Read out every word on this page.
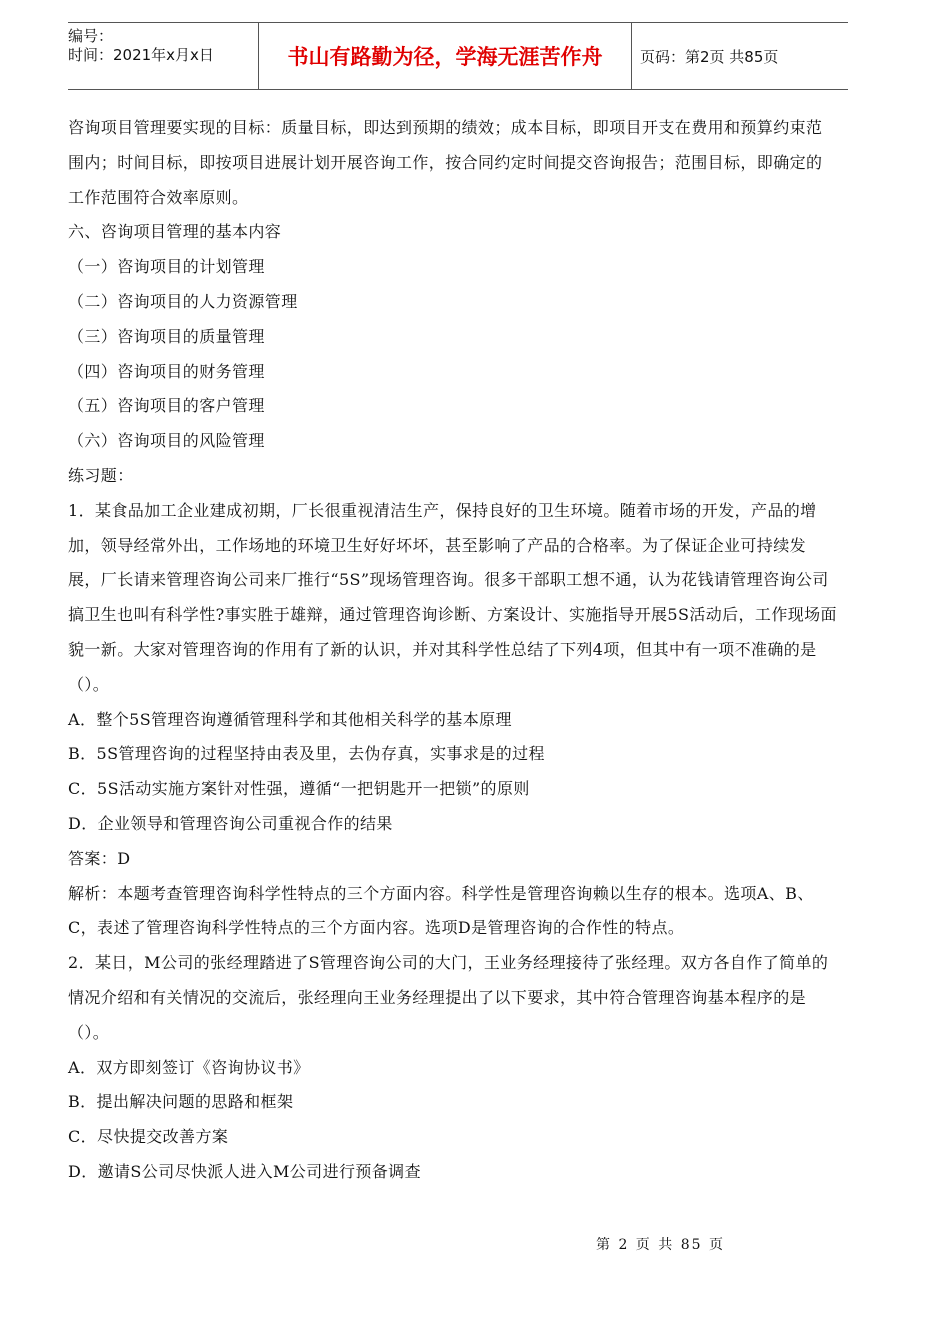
编号：
时间：2021年x月x日	书山有路勤为径，学海无涯苦作舟	页码：第2页 共85页

咨询项目管理要实现的目标：质量目标，即达到预期的绩效；成本目标，即项目开支在费用和预算约束范围内；时间目标，即按项目进展计划开展咨询工作，按合同约定时间提交咨询报告；范围目标，即确定的工作范围符合效率原则。

六、咨询项目管理的基本内容

（一）咨询项目的计划管理

（二）咨询项目的人力资源管理

（三）咨询项目的质量管理

（四）咨询项目的财务管理

（五）咨询项目的客户管理

（六）咨询项目的风险管理

练习题：

1．某食品加工企业建成初期，厂长很重视清洁生产，保持良好的卫生环境。随着市场的开发，产品的增加，领导经常外出，工作场地的环境卫生好好坏坏，甚至影响了产品的合格率。为了保证企业可持续发展，厂长请来管理咨询公司来厂推行“5S”现场管理咨询。很多干部职工想不通，认为花钱请管理咨询公司搞卫生也叫有科学性?事实胜于雄辩，通过管理咨询诊断、方案设计、实施指导开展5S活动后，工作现场面貌一新。大家对管理咨询的作用有了新的认识，并对其科学性总结了下列4项，但其中有一项不准确的是（）。

A．整个5S管理咨询遵循管理科学和其他相关科学的基本原理

B．5S管理咨询的过程坚持由表及里，去伪存真，实事求是的过程

C．5S活动实施方案针对性强，遵循“一把钥匙开一把锁”的原则

D．企业领导和管理咨询公司重视合作的结果

答案：D

解析：本题考查管理咨询科学性特点的三个方面内容。科学性是管理咨询赖以生存的根本。选项A、B、C，表述了管理咨询科学性特点的三个方面内容。选项D是管理咨询的合作性的特点。

2．某日，M公司的张经理踏进了S管理咨询公司的大门，王业务经理接待了张经理。双方各自作了简单的情况介绍和有关情况的交流后，张经理向王业务经理提出了以下要求，其中符合管理咨询基本程序的是（）。

A．双方即刻签订《咨询协议书》

B．提出解决问题的思路和框架

C．尽快提交改善方案

D．邀请S公司尽快派人进入M公司进行预备调查

第 2 页 共 85 页
